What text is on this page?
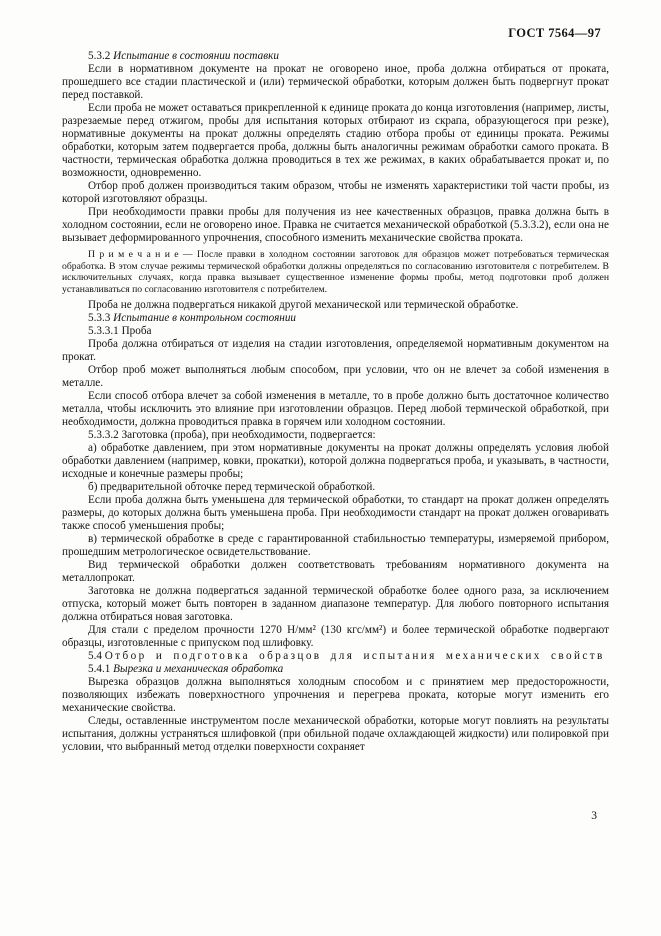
ГОСТ 7564—97

5.3.2 Испытание в состоянии поставки

Если в нормативном документе на прокат не оговорено иное, проба должна отбираться от проката, прошедшего все стадии пластической и (или) термической обработки, которым должен быть подвергнут прокат перед поставкой.

Если проба не может оставаться прикрепленной к единице проката до конца изготовления (например, листы, разрезаемые перед отжигом, пробы для испытания которых отбирают из скрапа, образующегося при резке), нормативные документы на прокат должны определять стадию отбора пробы от единицы проката. Режимы обработки, которым затем подвергается проба, должны быть аналогичны режимам обработки самого проката. В частности, термическая обработка должна проводиться в тех же режимах, в каких обрабатывается прокат и, по возможности, одновременно.

Отбор проб должен производиться таким образом, чтобы не изменять характеристики той части пробы, из которой изготовляют образцы.

При необходимости правки пробы для получения из нее качественных образцов, правка должна быть в холодном состоянии, если не оговорено иное. Правка не считается механической обработкой (5.3.3.2), если она не вызывает деформированного упрочнения, способного изменить механические свойства проката.

П р и м е ч а н и е — После правки в холодном состоянии заготовок для образцов может потребоваться термическая обработка. В этом случае режимы термической обработки должны определяться по согласованию изготовителя с потребителем. В исключительных случаях, когда правка вызывает существенное изменение формы пробы, метод подготовки проб должен устанавливаться по согласованию изготовителя с потребителем.

Проба не должна подвергаться никакой другой механической или термической обработке.

5.3.3 Испытание в контрольном состоянии

5.3.3.1 Проба

Проба должна отбираться от изделия на стадии изготовления, определяемой нормативным документом на прокат.

Отбор проб может выполняться любым способом, при условии, что он не влечет за собой изменения в металле.

Если способ отбора влечет за собой изменения в металле, то в пробе должно быть достаточное количество металла, чтобы исключить это влияние при изготовлении образцов. Перед любой термической обработкой, при необходимости, должна проводиться правка в горячем или холодном состоянии.

5.3.3.2 Заготовка (проба), при необходимости, подвергается:

а) обработке давлением, при этом нормативные документы на прокат должны определять условия любой обработки давлением (например, ковки, прокатки), которой должна подвергаться проба, и указывать, в частности, исходные и конечные размеры пробы;

б) предварительной обточке перед термической обработкой.

Если проба должна быть уменьшена для термической обработки, то стандарт на прокат должен определять размеры, до которых должна быть уменьшена проба. При необходимости стандарт на прокат должен оговаривать также способ уменьшения пробы;

в) термической обработке в среде с гарантированной стабильностью температуры, измеряемой прибором, прошедшим метрологическое освидетельствование.

Вид термической обработки должен соответствовать требованиям нормативного документа на металлопрокат.

Заготовка не должна подвергаться заданной термической обработке более одного раза, за исключением отпуска, который может быть повторен в заданном диапазоне температур. Для любого повторного испытания должна отбираться новая заготовка.

Для стали с пределом прочности 1270 Н/мм² (130 кгс/мм²) и более термической обработке подвергают образцы, изготовленные с припуском под шлифовку.

5.4 Отбор и подготовка образцов для испытания механических свойств

5.4.1 Вырезка и механическая обработка

Вырезка образцов должна выполняться холодным способом и с принятием мер предосторожности, позволяющих избежать поверхностного упрочнения и перегрева проката, которые могут изменить его механические свойства.

Следы, оставленные инструментом после механической обработки, которые могут повлиять на результаты испытания, должны устраняться шлифовкой (при обильной подаче охлаждающей жидкости) или полировкой при условии, что выбранный метод отделки поверхности сохраняет

3
